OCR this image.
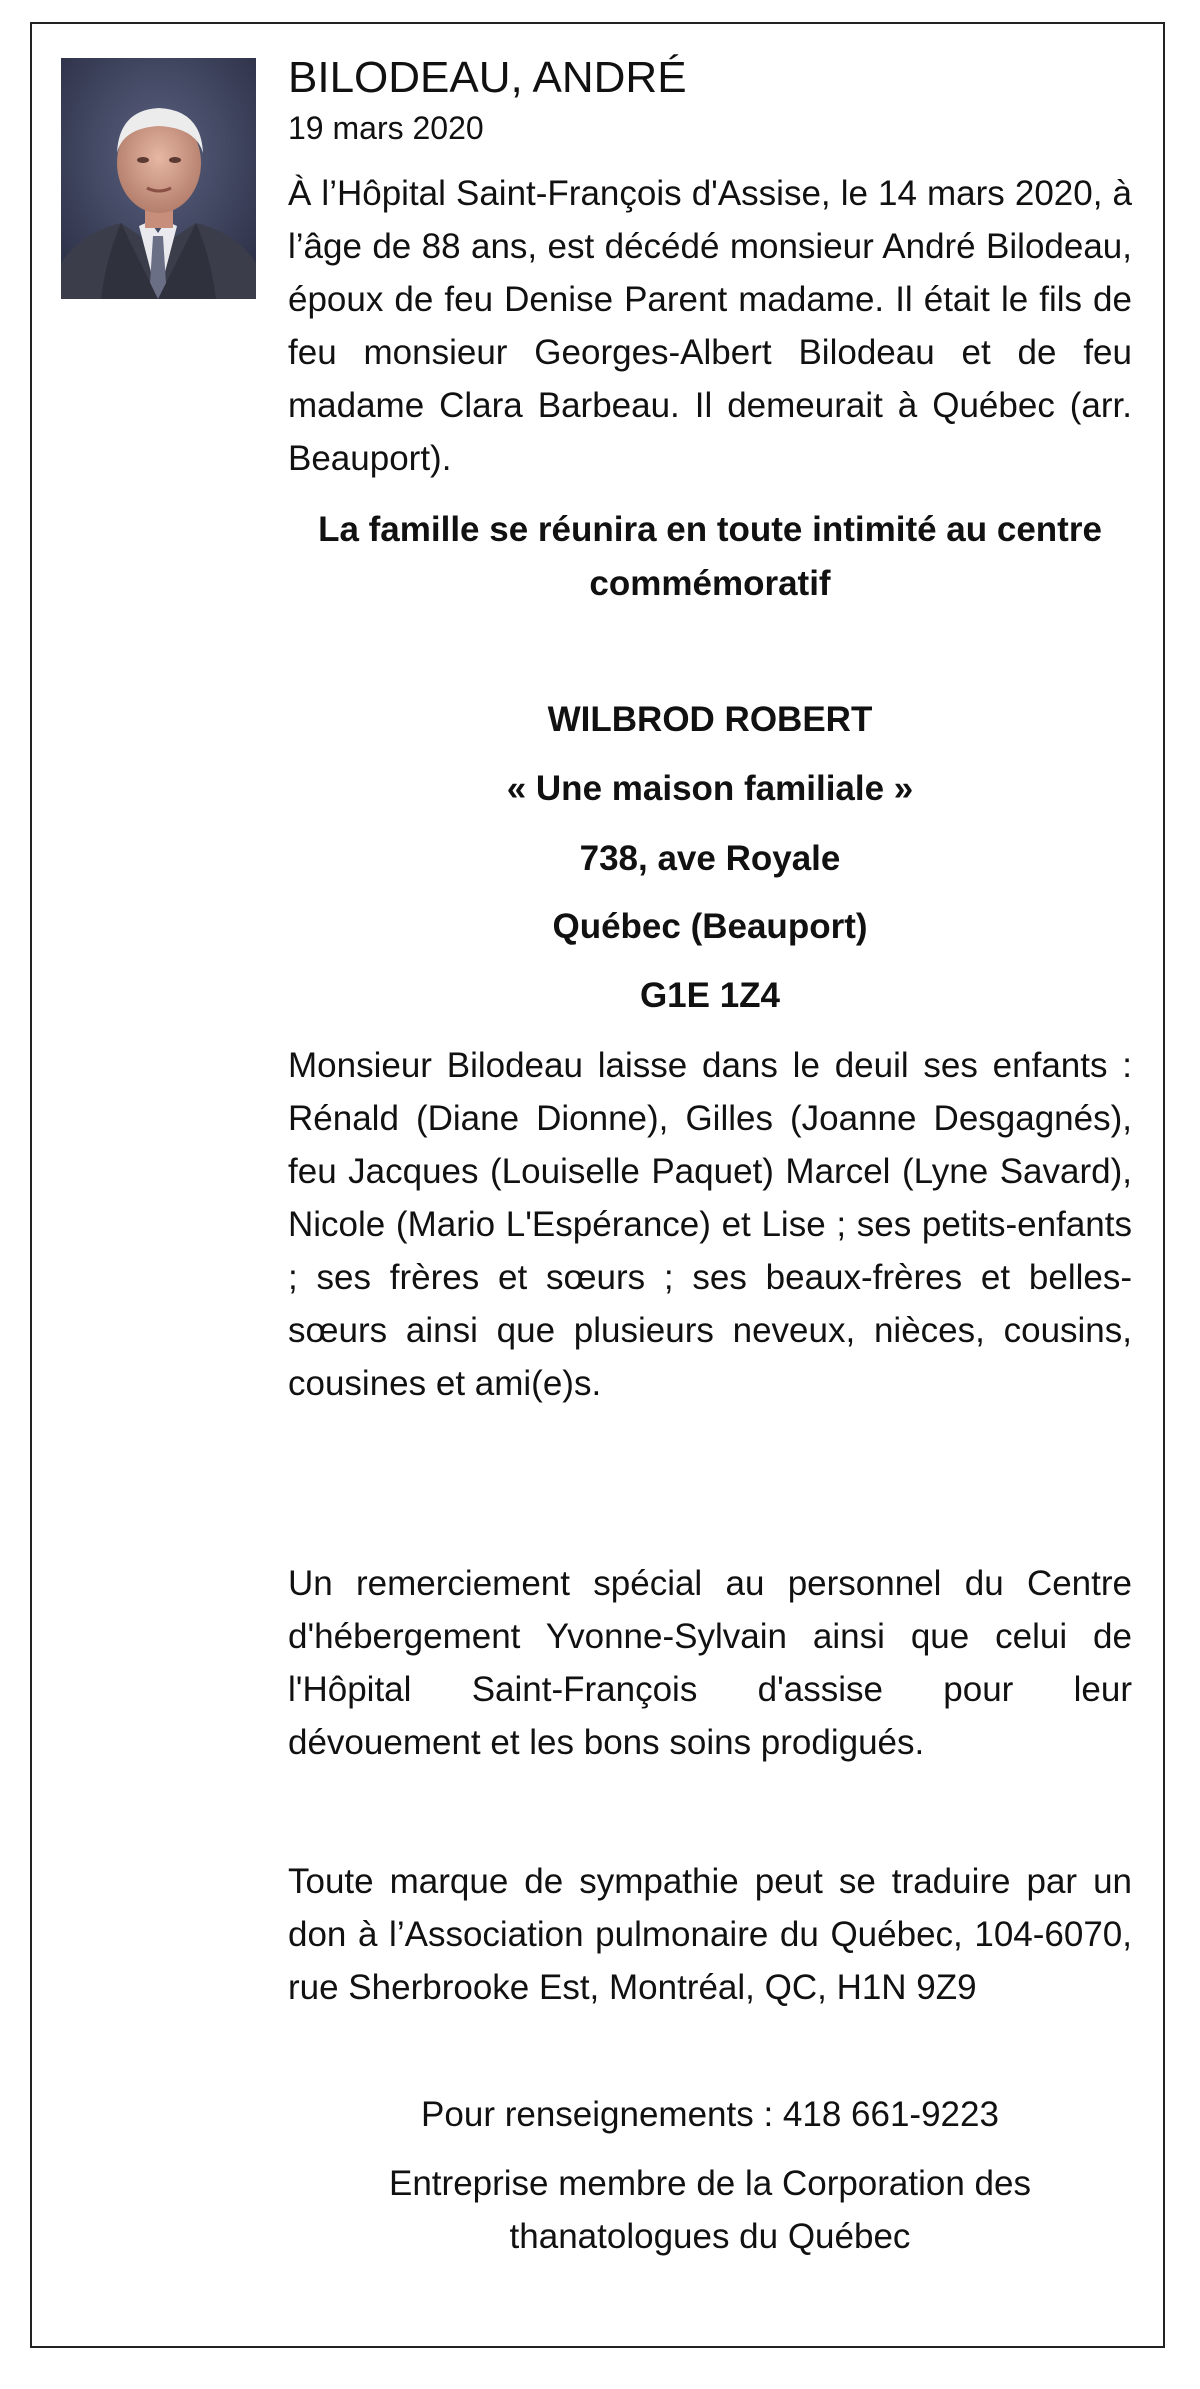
BILODEAU, ANDRÉ
19 mars 2020

À l’Hôpital Saint-François d'Assise, le 14 mars 2020, à l’âge de 88 ans, est décédé monsieur André Bilodeau, époux de feu Denise Parent madame. Il était le fils de feu monsieur Georges-Albert Bilodeau et de feu madame Clara Barbeau. Il demeurait à Québec (arr. Beauport).

La famille se réunira en toute intimité au centre commémoratif
WILBROD ROBERT
« Une maison familiale »
738, ave Royale
Québec (Beauport)
G1E 1Z4

Monsieur Bilodeau laisse dans le deuil ses enfants : Rénald (Diane Dionne), Gilles (Joanne Desgagnés), feu Jacques (Louiselle Paquet) Marcel (Lyne Savard), Nicole (Mario L'Espérance) et Lise ; ses petits-enfants ; ses frères et sœurs ; ses beaux-frères et belles-sœurs ainsi que plusieurs neveux, nièces, cousins, cousines et ami(e)s.

Un remerciement spécial au personnel du Centre d'hébergement Yvonne-Sylvain ainsi que celui de l'Hôpital Saint-François d'assise pour leur dévouement et les bons soins prodigués.

Toute marque de sympathie peut se traduire par un don à l’Association pulmonaire du Québec, 104-6070, rue Sherbrooke Est, Montréal, QC, H1N 9Z9

Pour renseignements : 418 661-9223
Entreprise membre de la Corporation des thanatologues du Québec
